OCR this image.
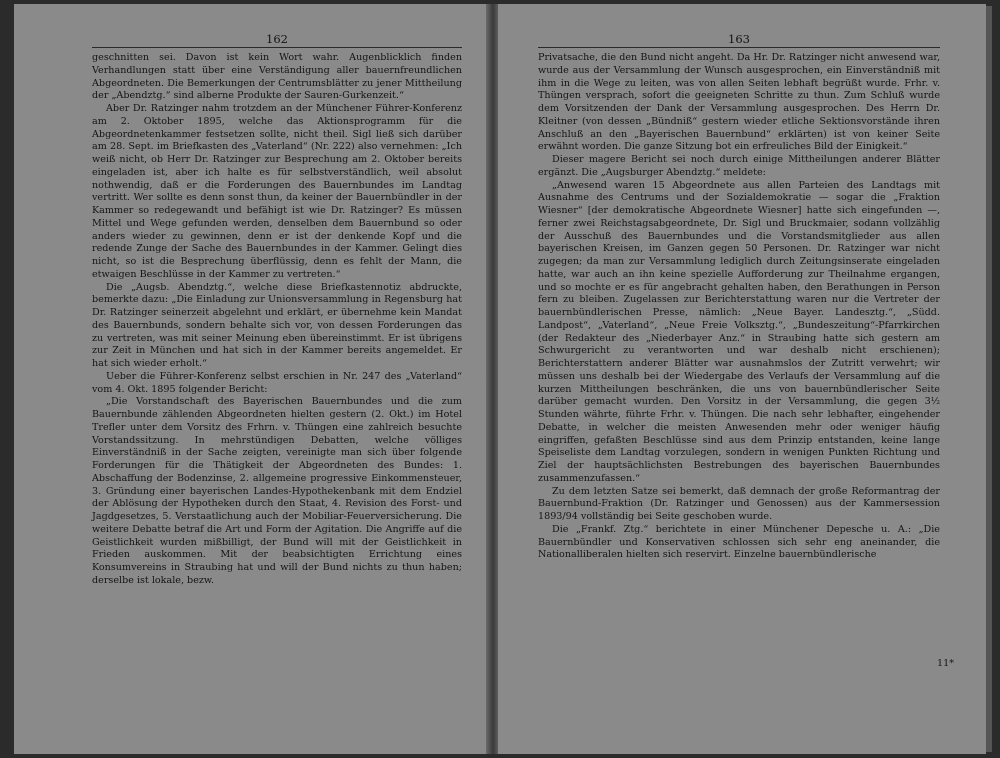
162

geschnitten sei. Davon ist kein Wort wahr. Augenblicklich finden Verhandlungen statt über eine Verständigung aller bauernfreundlichen Abgeordneten. Die Bemerkungen der Centrumsblätter zu jener Mittheilung der „Abendztg.“ sind alberne Produkte der Sauren-Gurkenzeit.“

Aber Dr. Ratzinger nahm trotzdem an der Münchener Führer-Konferenz am 2. Oktober 1895, welche das Aktionsprogramm für die Abgeordnetenkammer festsetzen sollte, nicht theil. Sigl ließ sich darüber am 28. Sept. im Briefkasten des „Vaterland“ (Nr. 222) also vernehmen: „Ich weiß nicht, ob Herr Dr. Ratzinger zur Besprechung am 2. Oktober bereits eingeladen ist, aber ich halte es für selbstverständlich, weil absolut nothwendig, daß er die Forderungen des Bauernbundes im Landtag vertritt. Wer sollte es denn sonst thun, da keiner der Bauernbündler in der Kammer so redegewandt und befähigt ist wie Dr. Ratzinger? Es müssen Mittel und Wege gefunden werden, denselben dem Bauernbund so oder anders wieder zu gewinnen, denn er ist der denkende Kopf und die redende Zunge der Sache des Bauernbundes in der Kammer. Gelingt dies nicht, so ist die Besprechung überflüssig, denn es fehlt der Mann, die etwaigen Beschlüsse in der Kammer zu vertreten.“

Die „Augsb. Abendztg.“, welche diese Briefkastennotiz abdruckte, bemerkte dazu: „Die Einladung zur Unionsversammlung in Regensburg hat Dr. Ratzinger seinerzeit abgelehnt und erklärt, er übernehme kein Mandat des Bauernbunds, sondern behalte sich vor, von dessen Forderungen das zu vertreten, was mit seiner Meinung eben übereinstimmt. Er ist übrigens zur Zeit in München und hat sich in der Kammer bereits angemeldet. Er hat sich wieder erholt.“

Ueber die Führer-Konferenz selbst erschien in Nr. 247 des „Vaterland“ vom 4. Okt. 1895 folgender Bericht:

„Die Vorstandschaft des Bayerischen Bauernbundes und die zum Bauernbunde zählenden Abgeordneten hielten gestern (2. Okt.) im Hotel Trefler unter dem Vorsitz des Frhrn. v. Thüngen eine zahlreich besuchte Vorstandssitzung. In mehrstündigen Debatten, welche völliges Einverständniß in der Sache zeigten, vereinigte man sich über folgende Forderungen für die Thätigkeit der Abgeordneten des Bundes: 1. Abschaffung der Bodenzinse, 2. allgemeine progressive Einkommensteuer, 3. Gründung einer bayerischen Landes-Hypothekenbank mit dem Endziel der Ablösung der Hypotheken durch den Staat, 4. Revision des Forst- und Jagdgesetzes, 5. Verstaatlichung auch der Mobiliar-Feuerversicherung. Die weitere Debatte betraf die Art und Form der Agitation. Die Angriffe auf die Geistlichkeit wurden mißbilligt, der Bund will mit der Geistlichkeit in Frieden auskommen. Mit der beabsichtigten Errichtung eines Konsumvereins in Straubing hat und will der Bund nichts zu thun haben; derselbe ist lokale, bezw.

163

Privatsache, die den Bund nicht angeht. Da Hr. Dr. Ratzinger nicht anwesend war, wurde aus der Versammlung der Wunsch ausgesprochen, ein Einverständniß mit ihm in die Wege zu leiten, was von allen Seiten lebhaft begrüßt wurde. Frhr. v. Thüngen versprach, sofort die geeigneten Schritte zu thun. Zum Schluß wurde dem Vorsitzenden der Dank der Versammlung ausgesprochen. Des Herrn Dr. Kleitner (von dessen „Bündniß“ gestern wieder etliche Sektionsvorstände ihren Anschluß an den „Bayerischen Bauernbund“ erklärten) ist von keiner Seite erwähnt worden. Die ganze Sitzung bot ein erfreuliches Bild der Einigkeit.“

Dieser magere Bericht sei noch durch einige Mittheilungen anderer Blätter ergänzt. Die „Augsburger Abendztg.“ meldete:

„Anwesend waren 15 Abgeordnete aus allen Parteien des Landtags mit Ausnahme des Centrums und der Sozialdemokratie — sogar die „Fraktion Wiesner“ [der demokratische Abgeordnete Wiesner] hatte sich eingefunden —, ferner zwei Reichstagsabgeordnete, Dr. Sigl und Bruckmaier, sodann vollzählig der Ausschuß des Bauernbundes und die Vorstandsmitglieder aus allen bayerischen Kreisen, im Ganzen gegen 50 Personen. Dr. Ratzinger war nicht zugegen; da man zur Versammlung lediglich durch Zeitungsinserate eingeladen hatte, war auch an ihn keine spezielle Aufforderung zur Theilnahme ergangen, und so mochte er es für angebracht gehalten haben, den Berathungen in Person fern zu bleiben. Zugelassen zur Berichterstattung waren nur die Vertreter der bauernbündlerischen Presse, nämlich: „Neue Bayer. Landesztg.“, „Südd. Landpost“, „Vaterland“, „Neue Freie Volksztg.“, „Bundeszeitung“-Pfarrkirchen (der Redakteur des „Niederbayer Anz.“ in Straubing hatte sich gestern am Schwurgericht zu verantworten und war deshalb nicht erschienen); Berichterstattern anderer Blätter war ausnahmslos der Zutritt verwehrt; wir müssen uns deshalb bei der Wiedergabe des Verlaufs der Versammlung auf die kurzen Mittheilungen beschränken, die uns von bauernbündlerischer Seite darüber gemacht wurden. Den Vorsitz in der Versammlung, die gegen 3½ Stunden währte, führte Frhr. v. Thüngen. Die nach sehr lebhafter, eingehender Debatte, in welcher die meisten Anwesenden mehr oder weniger häufig eingriffen, gefaßten Beschlüsse sind aus dem Prinzip entstanden, keine lange Speiseliste dem Landtag vorzulegen, sondern in wenigen Punkten Richtung und Ziel der hauptsächlichsten Bestrebungen des bayerischen Bauernbundes zusammenzufassen.“

Zu dem letzten Satze sei bemerkt, daß demnach der große Reformantrag der Bauernbund-Fraktion (Dr. Ratzinger und Genossen) aus der Kammersession 1893/94 vollständig bei Seite geschoben wurde.

Die „Frankf. Ztg.“ berichtete in einer Münchener Depesche u. A.: „Die Bauernbündler und Konservativen schlossen sich sehr eng aneinander, die Nationalliberalen hielten sich reservirt. Einzelne bauernbündlerische

11*
